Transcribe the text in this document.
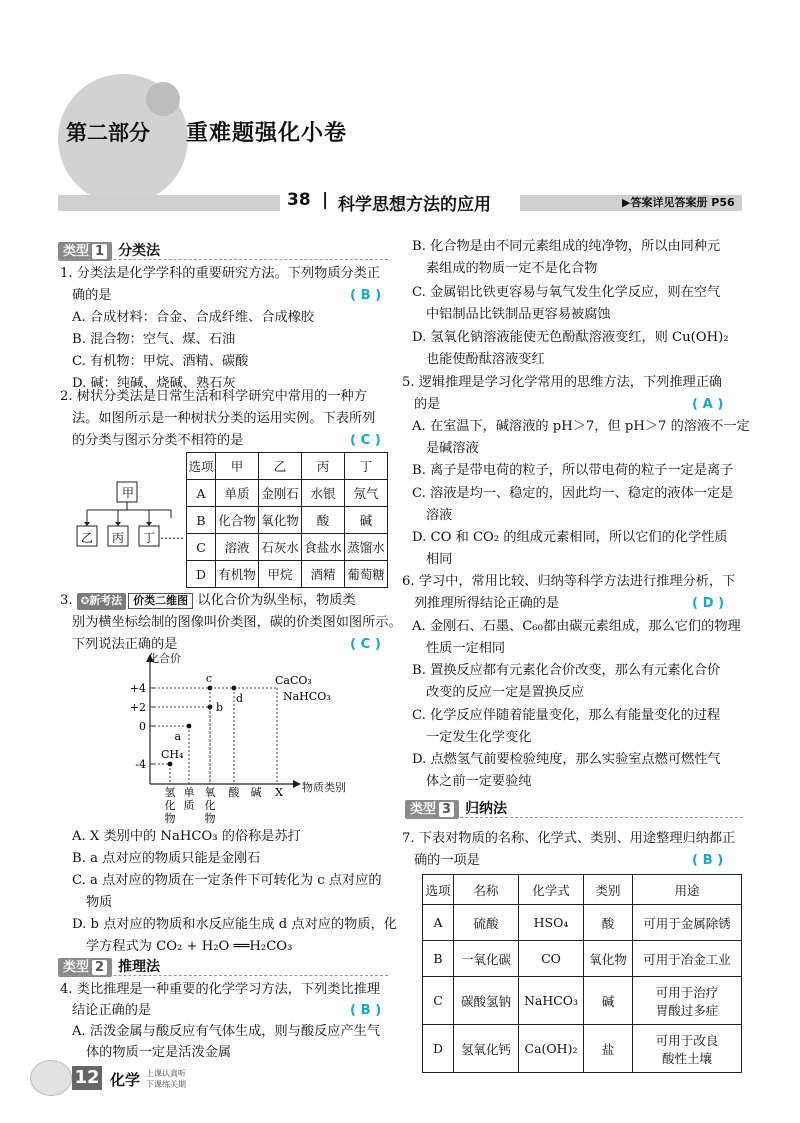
第二部分 重难题强化小卷
38 | 科学思想方法的应用	▶答案详见答案册 P56
类型 1 分类法
1. 分类法是化学学科的重要研究方法。下列物质分类正
确的是	( B )
A. 合成材料：合金、合成纤维、合成橡胶
B. 混合物：空气、煤、石油
C. 有机物：甲烷、酒精、碳酸
D. 碱：纯碱、烧碱、熟石灰
2. 树状分类法是日常生活和科学研究中常用的一种方
法。如图所示是一种树状分类的运用实例。下表所列
的分类与图示分类不相符的是	( C )
甲
乙	丙	丁 ……
选项	甲	乙	丙	丁
A	单质	金刚石	水银	氖气
B	化合物	氧化物	酸	碱
C	溶液	石灰水	食盐水	蒸馏水
D	有机物	甲烷	酒精	葡萄糖
3. ✪新考法 价类二维图 以化合价为纵坐标，物质类
别为横坐标绘制的图像叫价类图，碳的价类图如图所示。
下列说法正确的是	( C )
+4
+2
0
-4
氢化物
单质
氧化物
酸 碱 X
CH₄
a
b
c
d
CaCO₃
NaHCO₃
化合价
物质类别
A. X 类别中的 NaHCO₃ 的俗称是苏打
B. a 点对应的物质只能是金刚石
C. a 点对应的物质在一定条件下可转化为 c 点对应的
物质
D. b 点对应的物质和水反应能生成 d 点对应的物质，化
学方程式为 CO₂ + H₂O ══H₂CO₃
类型 2 推理法
4. 类比推理是一种重要的化学学习方法，下列类比推理
结论正确的是	( B )
A. 活泼金属与酸反应有气体生成，则与酸反应产生气
体的物质一定是活泼金属
B. 化合物是由不同元素组成的纯净物，所以由同种元
素组成的物质一定不是化合物
C. 金属铝比铁更容易与氧气发生化学反应，则在空气
中铝制品比铁制品更容易被腐蚀
D. 氢氧化钠溶液能使无色酚酞溶液变红，则 Cu(OH)₂
也能使酚酞溶液变红
5. 逻辑推理是学习化学常用的思维方法，下列推理正确
的是	( A )
A. 在室温下，碱溶液的 pH＞7，但 pH＞7 的溶液不一定
是碱溶液
B. 离子是带电荷的粒子，所以带电荷的粒子一定是离子
C. 溶液是均一、稳定的，因此均一、稳定的液体一定是
溶液
D. CO 和 CO₂ 的组成元素相同，所以它们的化学性质
相同
6. 学习中，常用比较、归纳等科学方法进行推理分析，下
列推理所得结论正确的是	( D )
A. 金刚石、石墨、C₆₀都由碳元素组成，那么它们的物理
性质一定相同
B. 置换反应都有元素化合价改变，那么有元素化合价
改变的反应一定是置换反应
C. 化学反应伴随着能量变化，那么有能量变化的过程
一定发生化学变化
D. 点燃氢气前要检验纯度，那么实验室点燃可燃性气
体之前一定要验纯
类型 3 归纳法
7. 下表对物质的名称、化学式、类别、用途整理归纳都正
确的一项是	( B )
选项	名称	化学式	类别	用途
A	硫酸	HSO₄	酸	可用于金属除锈
B	一氧化碳	CO	氧化物	可用于冶金工业
C	碳酸氢钠	NaHCO₃	碱	可用于治疗
胃酸过多症

D	氢氧化钙	Ca(OH)₂	盐	可用于改良
酸性土壤
12 化学 上课认真听
下课练关期
